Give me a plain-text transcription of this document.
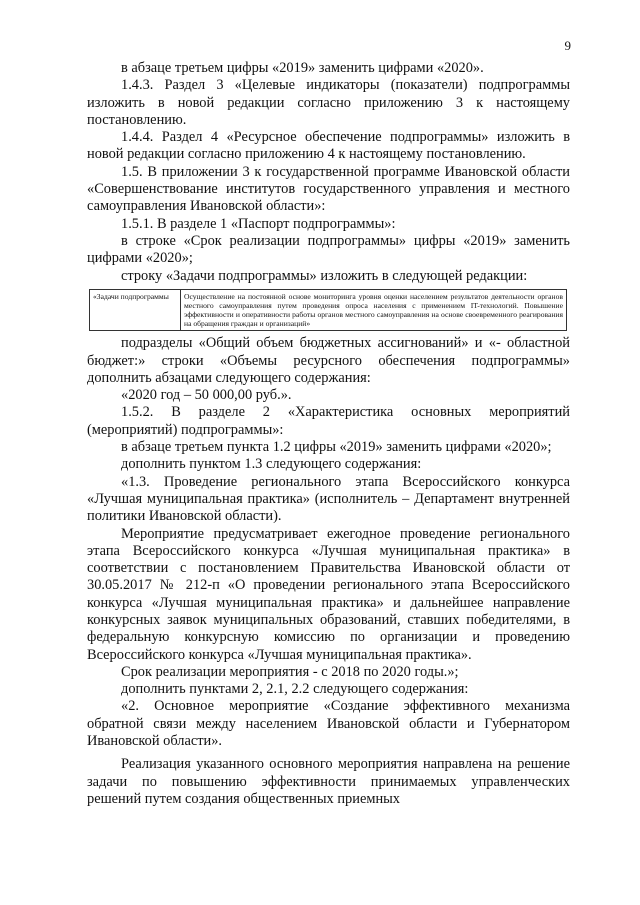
9

в абзаце третьем цифры «2019» заменить цифрами «2020».

1.4.3. Раздел 3 «Целевые индикаторы (показатели) подпрограммы изложить в новой редакции согласно приложению 3 к настоящему постановлению.

1.4.4. Раздел 4 «Ресурсное обеспечение подпрограммы» изложить в новой редакции согласно приложению 4 к настоящему постановлению.

1.5. В приложении 3 к государственной программе Ивановской области «Совершенствование институтов государственного управления и местного самоуправления Ивановской области»:

1.5.1. В разделе 1 «Паспорт подпрограммы»:

в строке «Срок реализации подпрограммы» цифры «2019» заменить цифрами «2020»;

строку «Задачи подпрограммы» изложить в следующей редакции:

«Задачи подпрограммы	Осуществление на постоянной основе мониторинга уровня оценки населением результатов деятельности органов местного самоуправления путем проведения опроса населения с применением IT-технологий. Повышение эффективности и оперативности работы органов местного самоуправления на основе своевременного реагирования на обращения граждан и организаций»

подразделы «Общий объем бюджетных ассигнований» и «- областной бюджет:» строки «Объемы ресурсного обеспечения подпрограммы» дополнить абзацами следующего содержания:

«2020 год – 50 000,00 руб.».

1.5.2. В разделе 2 «Характеристика основных мероприятий (мероприятий) подпрограммы»:

в абзаце третьем пункта 1.2 цифры «2019» заменить цифрами «2020»;

дополнить пунктом 1.3 следующего содержания:

«1.3. Проведение регионального этапа Всероссийского конкурса «Лучшая муниципальная практика» (исполнитель – Департамент внутренней политики Ивановской области).

Мероприятие предусматривает ежегодное проведение регионального этапа Всероссийского конкурса «Лучшая муниципальная практика» в соответствии с постановлением Правительства Ивановской области от 30.05.2017 № 212-п «О проведении регионального этапа Всероссийского конкурса «Лучшая муниципальная практика» и дальнейшее направление конкурсных заявок муниципальных образований, ставших победителями, в федеральную конкурсную комиссию по организации и проведению Всероссийского конкурса «Лучшая муниципальная практика».

Срок реализации мероприятия - с 2018 по 2020 годы.»;

дополнить пунктами 2, 2.1, 2.2 следующего содержания:

«2. Основное мероприятие «Создание эффективного механизма обратной связи между населением Ивановской области и Губернатором Ивановской области».

Реализация указанного основного мероприятия направлена на решение задачи по повышению эффективности принимаемых управленческих решений путем создания общественных приемных
